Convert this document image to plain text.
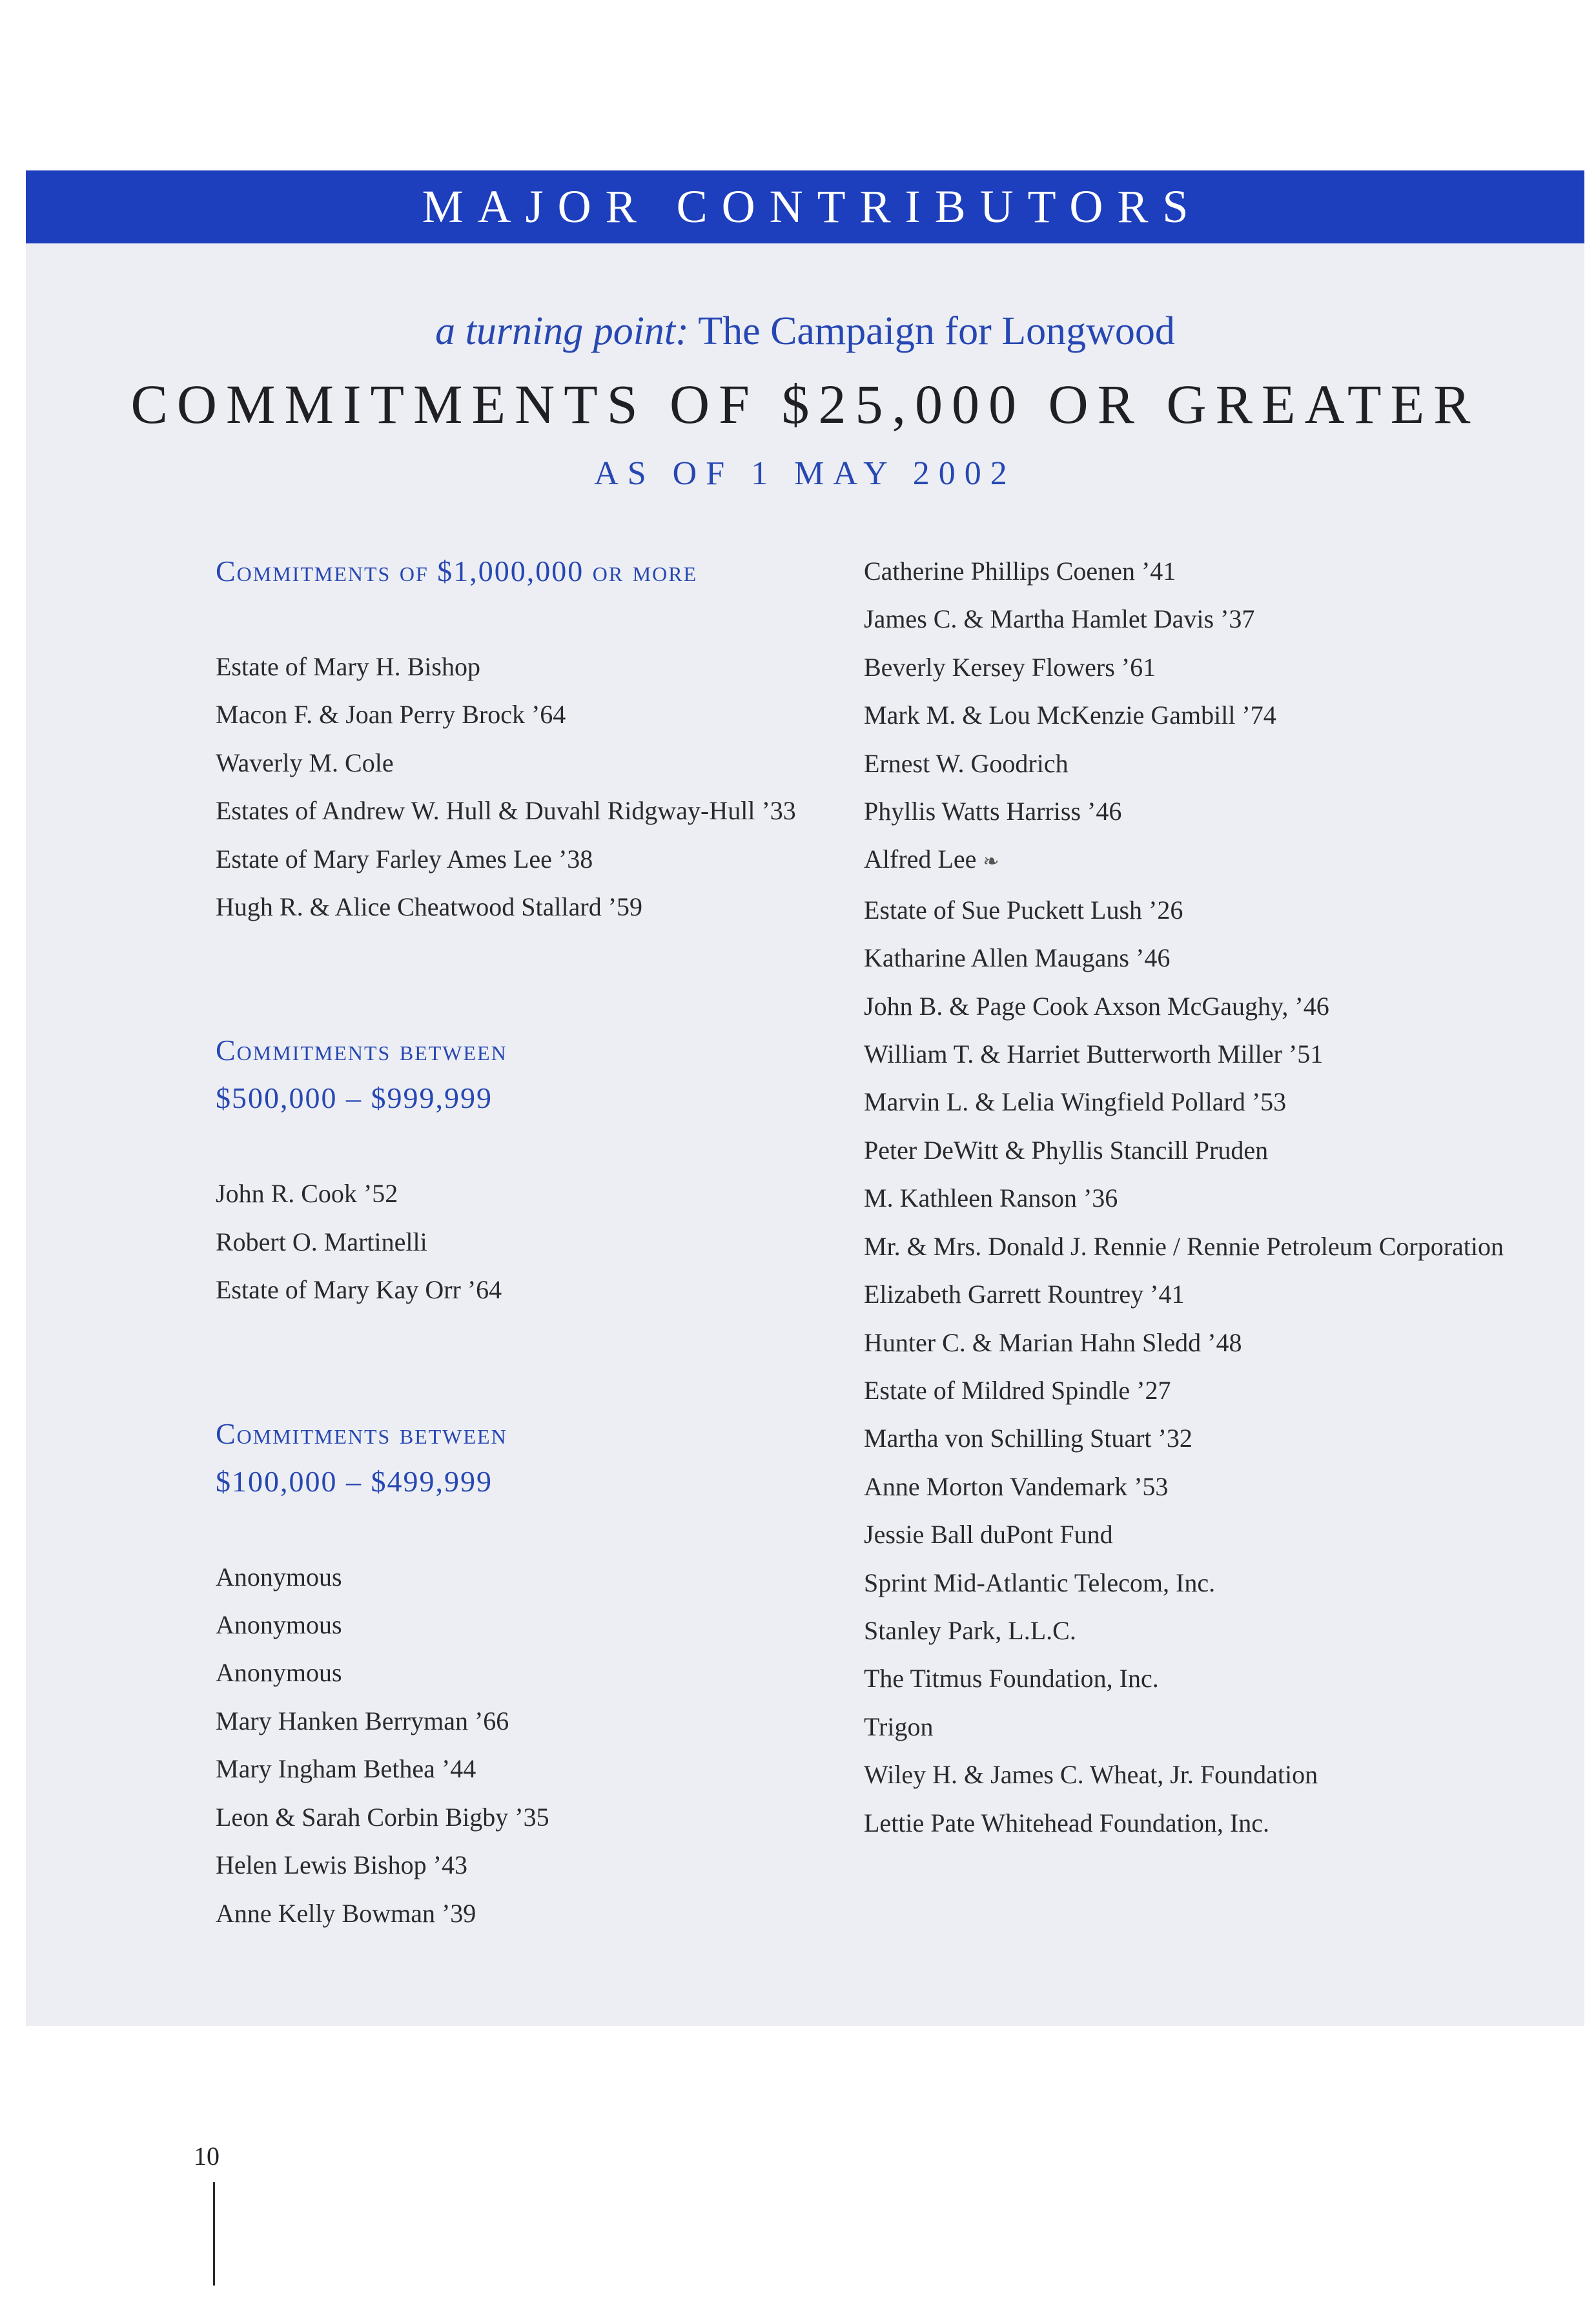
MAJOR CONTRIBUTORS
a turning point: The Campaign for Longwood
COMMITMENTS OF $25,000 OR GREATER
AS OF 1 MAY 2002
Commitments of $1,000,000 or more
Estate of Mary H. Bishop
Macon F. & Joan Perry Brock ’64
Waverly M. Cole
Estates of Andrew W. Hull & Duvahl Ridgway-Hull ’33
Estate of Mary Farley Ames Lee ’38
Hugh R. & Alice Cheatwood Stallard ’59
Commitments between
$500,000 – $999,999
John R. Cook ’52
Robert O. Martinelli
Estate of Mary Kay Orr ’64
Commitments between
$100,000 – $499,999
Anonymous
Anonymous
Anonymous
Mary Hanken Berryman ’66
Mary Ingham Bethea ’44
Leon & Sarah Corbin Bigby ’35
Helen Lewis Bishop ’43
Anne Kelly Bowman ’39
Catherine Phillips Coenen ’41
James C. & Martha Hamlet Davis ’37
Beverly Kersey Flowers ’61
Mark M. & Lou McKenzie Gambill ’74
Ernest W. Goodrich
Phyllis Watts Harriss ’46
Alfred Lee ❧
Estate of Sue Puckett Lush ’26
Katharine Allen Maugans ’46
John B. & Page Cook Axson McGaughy, ’46
William T. & Harriet Butterworth Miller ’51
Marvin L. & Lelia Wingfield Pollard ’53
Peter DeWitt & Phyllis Stancill Pruden
M. Kathleen Ranson ’36
Mr. & Mrs. Donald J. Rennie / Rennie Petroleum Corporation
Elizabeth Garrett Rountrey ’41
Hunter C. & Marian Hahn Sledd ’48
Estate of Mildred Spindle ’27
Martha von Schilling Stuart ’32
Anne Morton Vandemark ’53
Jessie Ball duPont Fund
Sprint Mid-Atlantic Telecom, Inc.
Stanley Park, L.L.C.
The Titmus Foundation, Inc.
Trigon
Wiley H. & James C. Wheat, Jr. Foundation
Lettie Pate Whitehead Foundation, Inc.
10
